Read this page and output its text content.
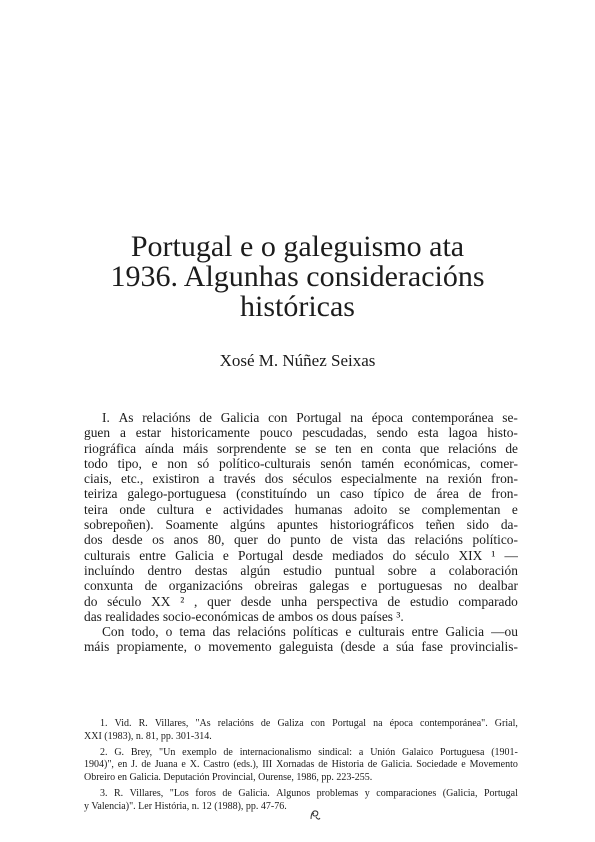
Portugal e o galeguismo ata
1936. Algunhas consideracións
históricas

Xosé M. Núñez Seixas

I. As relacións de Galicia con Portugal na época contemporánea se-
guen a estar historicamente pouco pescudadas, sendo esta lagoa histo-
riográfica aínda máis sorprendente se se ten en conta que relacións de
todo tipo, e non só político-culturais senón tamén económicas, comer-
ciais, etc., existiron a través dos séculos especialmente na rexión fron-
teiriza galego-portuguesa (constituíndo un caso típico de área de fron-
teira onde cultura e actividades humanas adoito se complementan e
sobrepoñen). Soamente algúns apuntes historiográficos teñen sido da-
dos desde os anos 80, quer do punto de vista das relacións político-
culturais entre Galicia e Portugal desde mediados do século XIX ¹ —
incluíndo dentro destas algún estudio puntual sobre a colaboración
conxunta de organizacións obreiras galegas e portuguesas no dealbar
do século XX ² , quer desde unha perspectiva de estudio comparado
das realidades socio-económicas de ambos os dous países ³.
Con todo, o tema das relacións políticas e culturais entre Galicia —ou
máis propiamente, o movemento galeguista (desde a súa fase provincialis-
1. Vid. R. Villares, "As relacións de Galiza con Portugal na época contemporánea". Grial,
XXI (1983), n. 81, pp. 301-314.
2. G. Brey, "Un exemplo de internacionalismo sindical: a Unión Galaico Portuguesa (1901-
1904)", en J. de Juana e X. Castro (eds.), III Xornadas de Historia de Galicia. Sociedade e Movemento
Obreiro en Galicia. Deputación Provincial, Ourense, 1986, pp. 223-255.
3. R. Villares, "Los foros de Galicia. Algunos problemas y comparaciones (Galicia, Portugal
y Valencia)". Ler História, n. 12 (1988), pp. 47-76.
